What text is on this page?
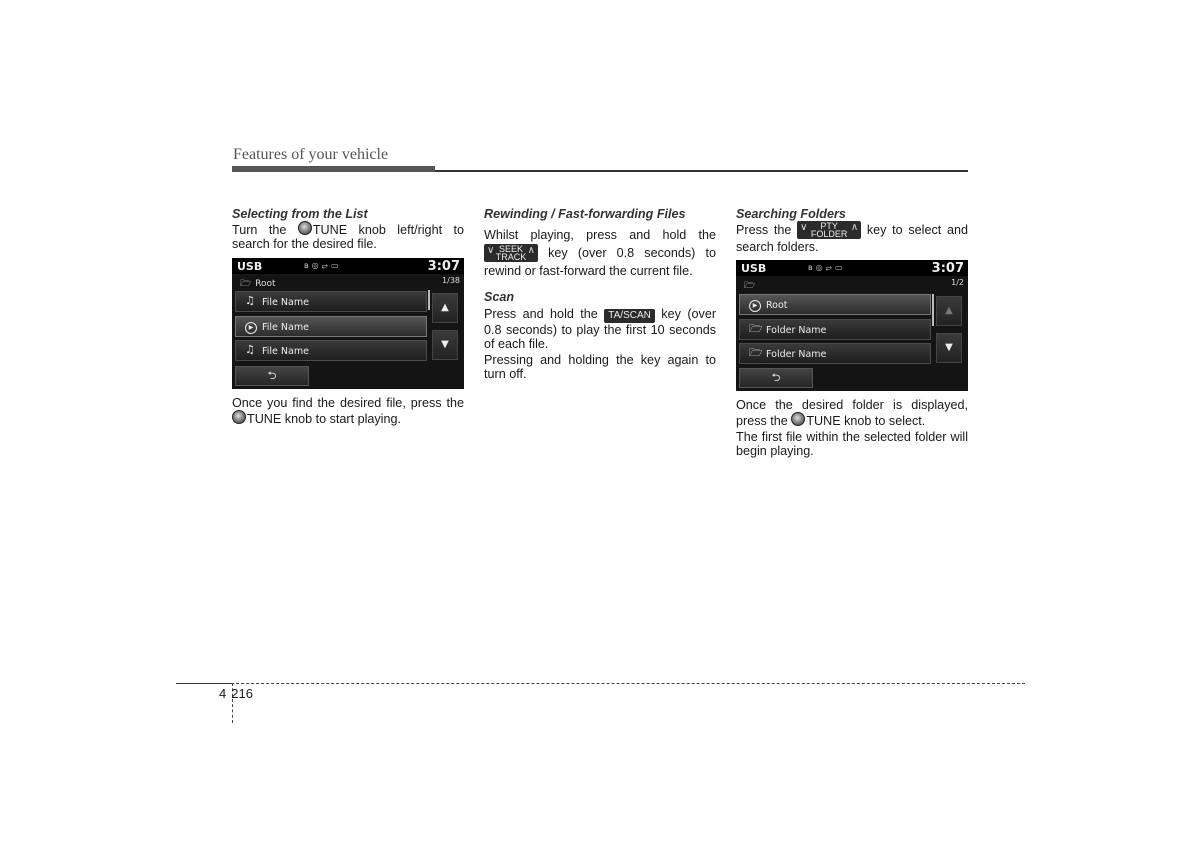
Features of your vehicle
Selecting from the List

Turn the TUNE knob left/right to search for the desired file.

USB	ʙ◎⥂▭	3:07
🗁 Root	1/38
♫ File Name
▶ File Name
♫ File Name
▲
▼
⮌

Once you find the desired file, press the TUNE knob to start playing.

Rewinding / Fast-forwarding Files

Whilst playing, press and hold the
∨ SEEK
TRACK
∧ key (over 0.8 seconds) to rewind or fast-forward the current file.

Scan

Press and hold the TA/SCAN key (over 0.8 seconds) to play the first 10 seconds of each file.

Pressing and holding the key again to turn off.

Searching Folders

Press the ∨	PTY
FOLDER
∧ key to select and search folders.

USB	ʙ◎⥂▭	3:07
🗁	1/2
▶ Root
🗁 Folder Name
🗁 Folder Name
▲
▼
⮌

Once the desired folder is displayed, press the TUNE knob to select.

The first file within the selected folder will begin playing.

4 216
